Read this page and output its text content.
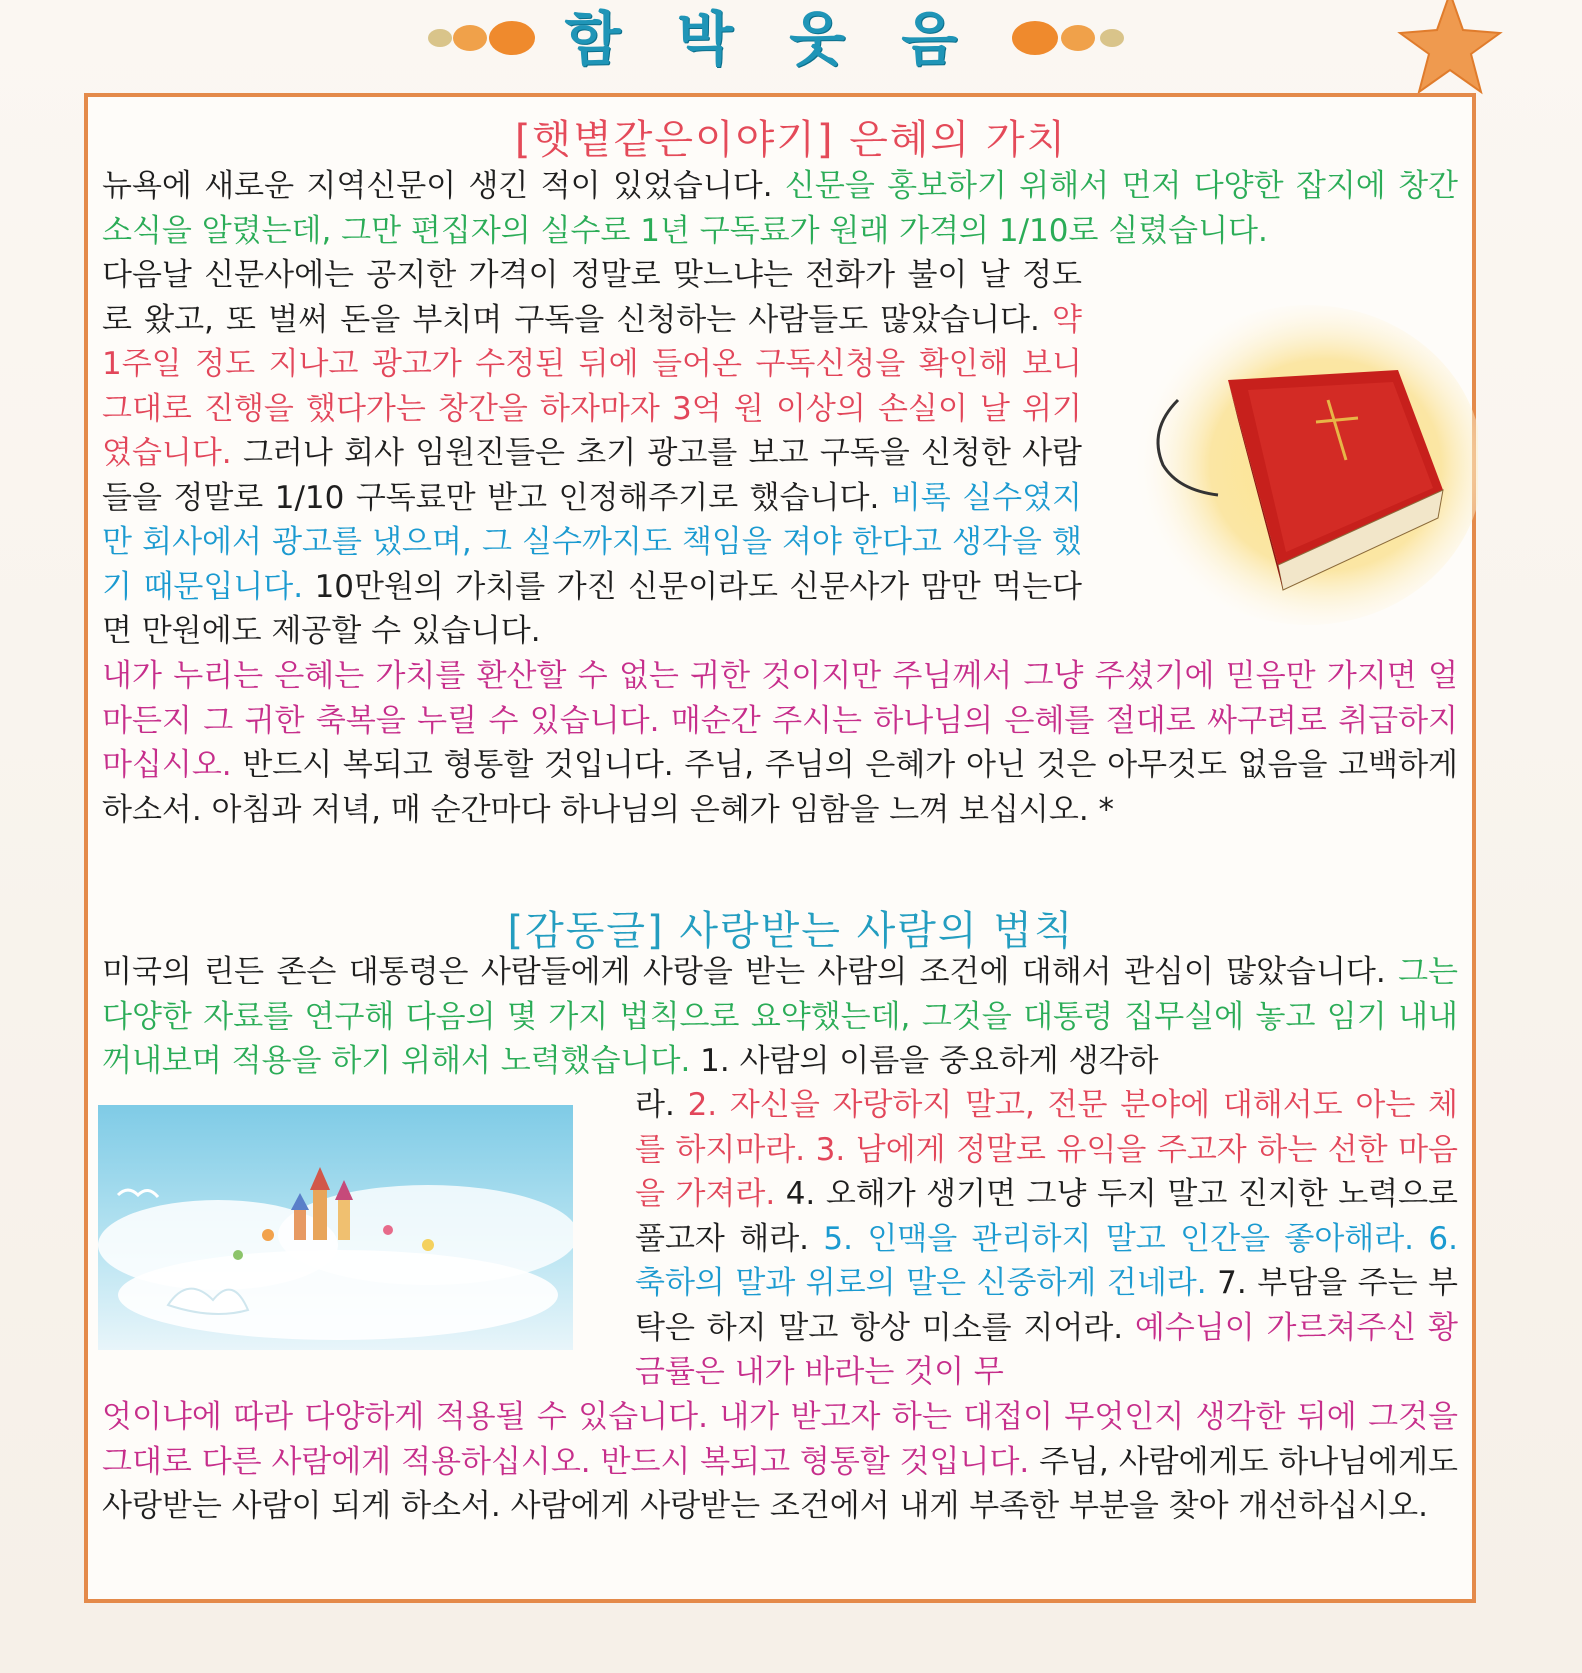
함 박 웃 음
[햇볕같은이야기] 은혜의 가치
뉴욕에 새로운 지역신문이 생긴 적이 있었습니다. 신문을 홍보하기 위해서 먼저 다양한 잡지에 창간 소식을 알렸는데, 그만 편집자의 실수로 1년 구독료가 원래 가격의 1/10로 실렸습니다.
다음날 신문사에는 공지한 가격이 정말로 맞느냐는 전화가 불이 날 정도로 왔고, 또 벌써 돈을 부치며 구독을 신청하는 사람들도 많았습니다. 약 1주일 정도 지나고 광고가 수정된 뒤에 들어온 구독신청을 확인해 보니 그대로 진행을 했다가는 창간을 하자마자 3억 원 이상의 손실이 날 위기였습니다. 그러나 회사 임원진들은 초기 광고를 보고 구독을 신청한 사람들을 정말로 1/10 구독료만 받고 인정해주기로 했습니다. 비록 실수였지만 회사에서 광고를 냈으며, 그 실수까지도 책임을 져야 한다고 생각을 했기 때문입니다. 10만원의 가치를 가진 신문이라도 신문사가 맘만 먹는다면 만원에도 제공할 수 있습니다.
내가 누리는 은혜는 가치를 환산할 수 없는 귀한 것이지만 주님께서 그냥 주셨기에 믿음만 가지면 얼마든지 그 귀한 축복을 누릴 수 있습니다. 매순간 주시는 하나님의 은혜를 절대로 싸구려로 취급하지 마십시오. 반드시 복되고 형통할 것입니다. 주님, 주님의 은혜가 아닌 것은 아무것도 없음을 고백하게 하소서. 아침과 저녁, 매 순간마다 하나님의 은혜가 임함을 느껴 보십시오. *
[감동글] 사랑받는 사람의 법칙
미국의 린든 존슨 대통령은 사람들에게 사랑을 받는 사람의 조건에 대해서 관심이 많았습니다. 그는 다양한 자료를 연구해 다음의 몇 가지 법칙으로 요약했는데, 그것을 대통령 집무실에 놓고 임기 내내 꺼내보며 적용을 하기 위해서 노력했습니다. 1. 사람의 이름을 중요하게 생각하
라. 2. 자신을 자랑하지 말고, 전문 분야에 대해서도 아는 체를 하지마라. 3. 남에게 정말로 유익을 주고자 하는 선한 마음을 가져라. 4. 오해가 생기면 그냥 두지 말고 진지한 노력으로 풀고자 해라. 5. 인맥을 관리하지 말고 인간을 좋아해라. 6. 축하의 말과 위로의 말은 신중하게 건네라. 7. 부담을 주는 부탁은 하지 말고 항상 미소를 지어라. 예수님이 가르쳐주신 황금률은 내가 바라는 것이 무
엇이냐에 따라 다양하게 적용될 수 있습니다. 내가 받고자 하는 대접이 무엇인지 생각한 뒤에 그것을 그대로 다른 사람에게 적용하십시오. 반드시 복되고 형통할 것입니다. 주님, 사람에게도 하나님에게도 사랑받는 사람이 되게 하소서. 사람에게 사랑받는 조건에서 내게 부족한 부분을 찾아 개선하십시오.
